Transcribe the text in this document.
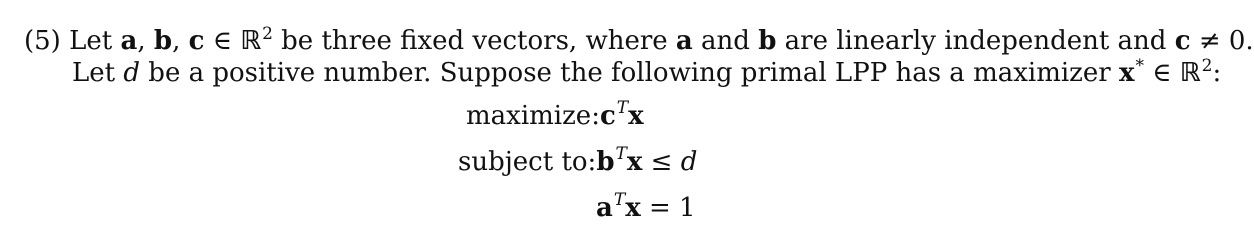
(5) Let a, b, c ∈ ℝ$^2$ be three fixed vectors, where a and b are linearly independent and c ≠ 0.
Let d be a positive number. Suppose the following primal LPP has a maximizer x* ∈ ℝ$^2$:
$maximize:c^Tx$
subject $to:b^Tx \le d$
$a^Tx = 1$
